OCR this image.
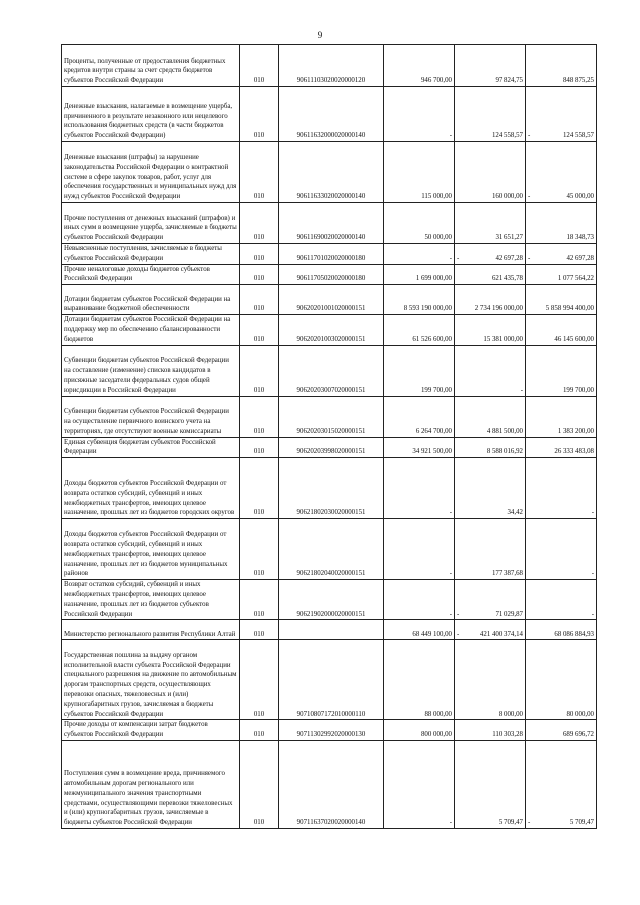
9
Проценты, полученные от предоставления бюджетных кредитов внутри страны за счет средств бюджетов субъектов Российской Федерации	010	90611103020020000120	946 700,00	97 824,75	848 875,25
Денежные взыскания, налагаемые в возмещение ущерба, причиненного в результате незаконного или нецелевого использования бюджетных средств (в части бюджетов субъектов Российской Федерации)	010	90611632000020000140	-	124 558,57	- 124 558,57
Денежные взыскания (штрафы) за нарушение законодательства Российской Федерации о контрактной системе в сфере закупок товаров, работ, услуг для обеспечения государственных и муниципальных нужд для нужд субъектов Российской Федерации	010	90611633020020000140	115 000,00	160 000,00	- 45 000,00
Прочие поступления от денежных взысканий (штрафов) и иных сумм в возмещение ущерба, зачисляемые в бюджеты субъектов Российской Федерации	010	90611690020020000140	50 000,00	31 651,27	18 348,73
Невыясненные поступления, зачисляемые в бюджеты субъектов Российской Федерации	010	90611701020020000180	-	- 42 697,28	- 42 697,28
Прочие неналоговые доходы бюджетов субъектов Российской Федерации	010	90611705020020000180	1 699 000,00	621 435,78	1 077 564,22
Дотации бюджетам субъектов Российской Федерации на выравнивание бюджетной обеспеченности	010	90620201001020000151	8 593 190 000,00	2 734 196 000,00	5 858 994 400,00
Дотации бюджетам субъектов Российской Федерации на поддержку мер по обеспечению сбалансированности бюджетов	010	90620201003020000151	61 526 600,00	15 381 000,00	46 145 600,00
Субвенции бюджетам субъектов Российской Федерации на составление (изменение) списков кандидатов в присяжные заседатели федеральных судов общей юрисдикции в Российской Федерации	010	90620203007020000151	199 700,00	-	199 700,00
Субвенции бюджетам субъектов Российской Федерации на осуществление первичного воинского учета на территориях, где отсутствуют военные комиссариаты	010	90620203015020000151	6 264 700,00	4 881 500,00	1 383 200,00
Единая субвенция бюджетам субъектов Российской Федерации	010	90620203998020000151	34 921 500,00	8 588 016,92	26 333 483,08
Доходы бюджетов субъектов Российской Федерации от возврата остатков субсидий, субвенций и иных межбюджетных трансфертов, имеющих целевое назначение, прошлых лет из бюджетов городских округов	010	90621802030020000151	-	34,42	-
Доходы бюджетов субъектов Российской Федерации от возврата остатков субсидий, субвенций и иных межбюджетных трансфертов, имеющих целевое назначение, прошлых лет из бюджетов муниципальных районов	010	90621802040020000151	-	177 387,68	-
Возврат остатков субсидий, субвенций и иных межбюджетных трансфертов, имеющих целевое назначение, прошлых лет из бюджетов субъектов Российской Федерации	010	90621902000020000151	-	- 71 029,87	-
Министерство регионального развития Республики Алтай	010		68 449 100,00	- 421 400 374,14	68 086 884,93
Государственная пошлина за выдачу органом исполнительной власти субъекта Российской Федерации специального разрешения на движение по автомобильным дорогам транспортных средств, осуществляющих перевозки опасных, тяжеловесных и (или) крупногабаритных грузов, зачисляемая в бюджеты субъектов Российской Федерации	010	90710807172010000110	88 000,00	8 000,00	80 000,00
Прочие доходы от компенсации затрат бюджетов субъектов Российской Федерации	010	90711302992020000130	800 000,00	110 303,28	689 696,72
Поступления сумм в возмещение вреда, причиняемого автомобильным дорогам регионального или межмуниципального значения транспортными средствами, осуществляющими перевозки тяжеловесных и (или) крупногабаритных грузов, зачисляемые в бюджеты субъектов Российской Федерации	010	90711637020020000140	-	5 709,47	- 5 709,47
